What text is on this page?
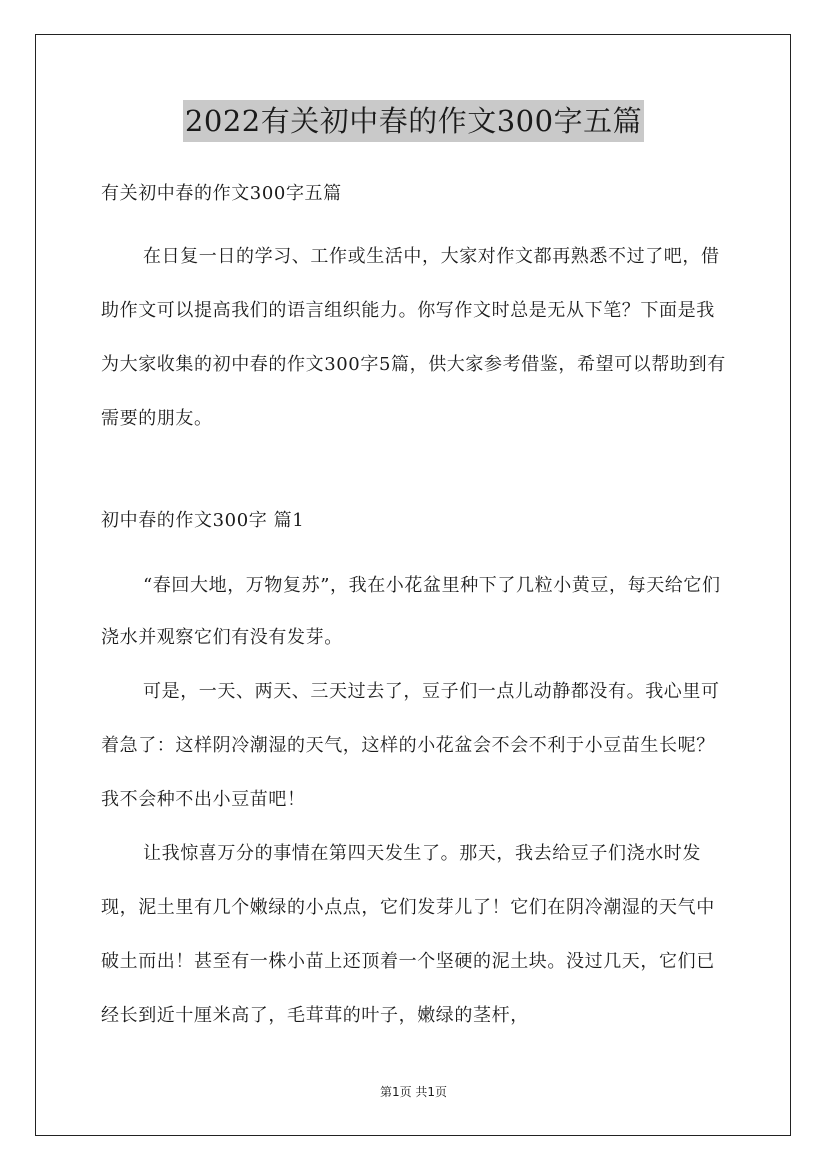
2022有关初中春的作文300字五篇
有关初中春的作文300字五篇

在日复一日的学习、工作或生活中，大家对作文都再熟悉不过了吧，借助作文可以提高我们的语言组织能力。你写作文时总是无从下笔？下面是我为大家收集的初中春的作文300字5篇，供大家参考借鉴，希望可以帮助到有需要的朋友。

初中春的作文300字 篇1

“春回大地，万物复苏”，我在小花盆里种下了几粒小黄豆，每天给它们浇水并观察它们有没有发芽。

可是，一天、两天、三天过去了，豆子们一点儿动静都没有。我心里可着急了：这样阴冷潮湿的天气，这样的小花盆会不会不利于小豆苗生长呢？我不会种不出小豆苗吧！

让我惊喜万分的事情在第四天发生了。那天，我去给豆子们浇水时发现，泥土里有几个嫩绿的小点点，它们发芽儿了！它们在阴冷潮湿的天气中破土而出！甚至有一株小苗上还顶着一个坚硬的泥土块。没过几天，它们已经长到近十厘米高了，毛茸茸的叶子，嫩绿的茎杆，

第1页 共1页
